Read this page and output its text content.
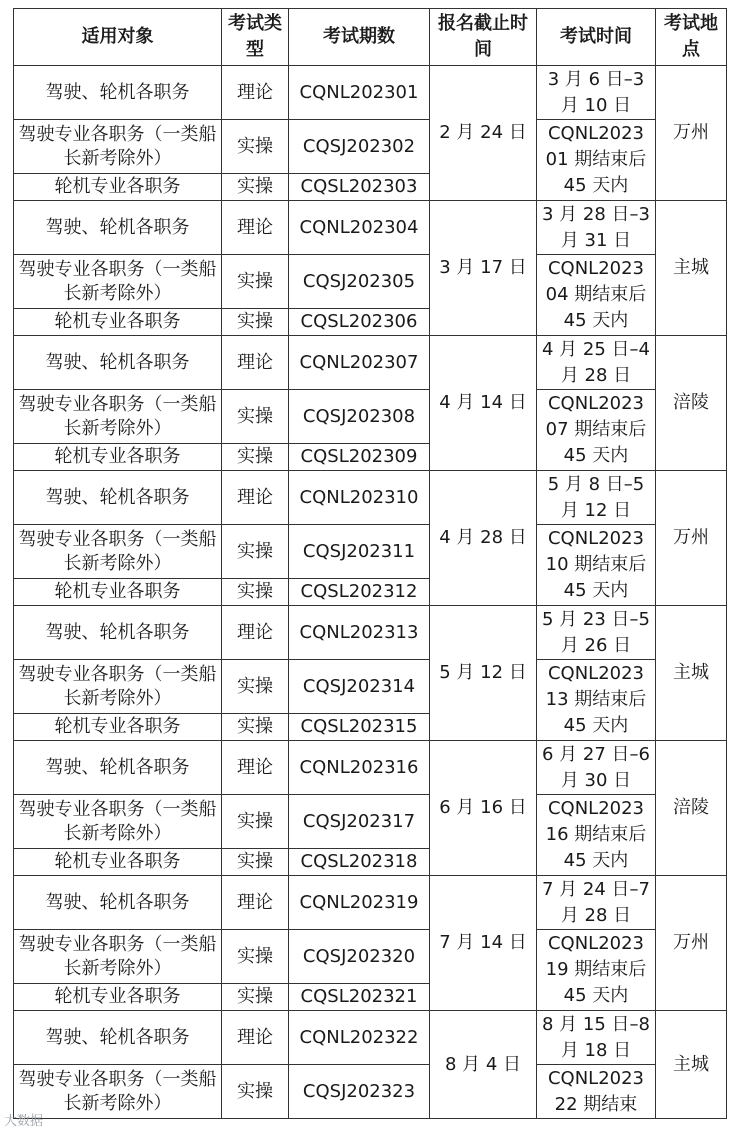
适用对象	考试类型	考试期数	报名截止时间	考试时间	考试地点
驾驶、轮机各职务	理论	CQNL202301	2 月 24 日	3 月 6 日–3 月 10 日	万州
驾驶专业各职务（一类船长新考除外）	实操	CQSJ202302		CQNL2023 01 期结束后 45 天内	
轮机专业各职务	实操	CQSL202303			
驾驶、轮机各职务	理论	CQNL202304	3 月 17 日	3 月 28 日–3 月 31 日	主城
驾驶专业各职务（一类船长新考除外）	实操	CQSJ202305		CQNL2023 04 期结束后 45 天内	
轮机专业各职务	实操	CQSL202306			
驾驶、轮机各职务	理论	CQNL202307	4 月 14 日	4 月 25 日–4 月 28 日	涪陵
驾驶专业各职务（一类船长新考除外）	实操	CQSJ202308		CQNL2023 07 期结束后 45 天内	
轮机专业各职务	实操	CQSL202309			
驾驶、轮机各职务	理论	CQNL202310	4 月 28 日	5 月 8 日–5 月 12 日	万州
驾驶专业各职务（一类船长新考除外）	实操	CQSJ202311		CQNL2023 10 期结束后 45 天内	
轮机专业各职务	实操	CQSL202312			
驾驶、轮机各职务	理论	CQNL202313	5 月 12 日	5 月 23 日–5 月 26 日	主城
驾驶专业各职务（一类船长新考除外）	实操	CQSJ202314		CQNL2023 13 期结束后 45 天内	
轮机专业各职务	实操	CQSL202315			
驾驶、轮机各职务	理论	CQNL202316	6 月 16 日	6 月 27 日–6 月 30 日	涪陵
驾驶专业各职务（一类船长新考除外）	实操	CQSJ202317		CQNL2023 16 期结束后 45 天内	
轮机专业各职务	实操	CQSL202318			
驾驶、轮机各职务	理论	CQNL202319	7 月 14 日	7 月 24 日–7 月 28 日	万州
驾驶专业各职务（一类船长新考除外）	实操	CQSJ202320		CQNL2023 19 期结束后 45 天内	
轮机专业各职务	实操	CQSL202321			
驾驶、轮机各职务	理论	CQNL202322	8 月 4 日	8 月 15 日–8 月 18 日	主城
驾驶专业各职务（一类船长新考除外）	实操	CQSJ202323		CQNL2023 22 期结束	
大数据
